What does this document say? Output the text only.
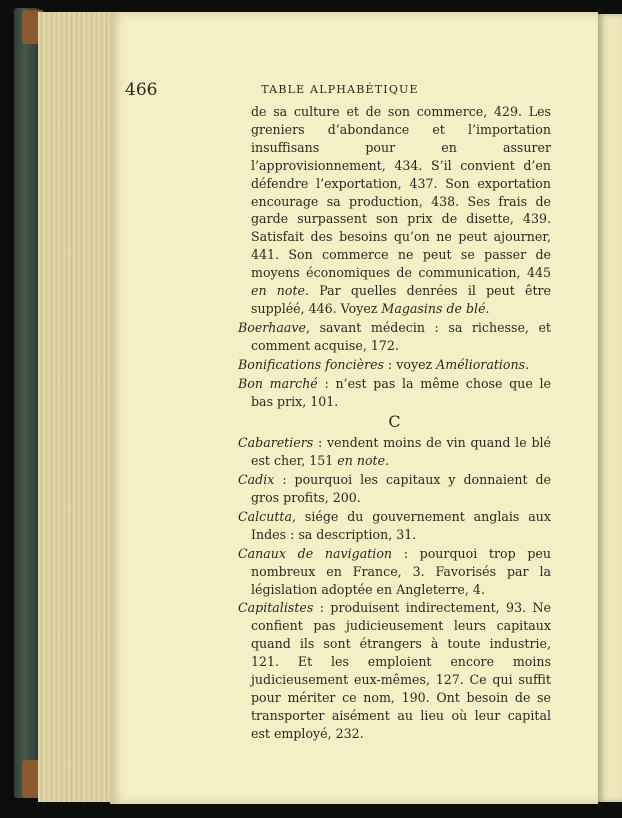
466	TABLE ALPHABÉTIQUE

de sa culture et de son commerce, 429. Les greniers d’abondance et l’importation insuffisans pour en assurer l’approvisionnement, 434. S’il convient d’en défendre l’exportation, 437. Son exportation encourage sa production, 438. Ses frais de garde surpassent son prix de disette, 439. Satisfait des besoins qu’on ne peut ajourner, 441. Son commerce ne peut se passer de moyens économiques de communication, 445 en note. Par quelles denrées il peut être suppléé, 446. Voyez Magasins de blé.

Boerhaave, savant médecin : sa richesse, et comment acquise, 172.

Bonifications foncières : voyez Améliorations.

Bon marché : n’est pas la même chose que le bas prix, 101.

C

Cabaretiers : vendent moins de vin quand le blé est cher, 151 en note.

Cadix : pourquoi les capitaux y donnaient de gros profits, 200.

Calcutta, siége du gouvernement anglais aux Indes : sa description, 31.

Canaux de navigation : pourquoi trop peu nombreux en France, 3. Favorisés par la législation adoptée en Angleterre, 4.

Capitalistes : produisent indirectement, 93. Ne confient pas judicieusement leurs capitaux quand ils sont étrangers à toute industrie, 121. Et les emploient encore moins judicieusement eux-mêmes, 127. Ce qui suffit pour mériter ce nom, 190. Ont besoin de se transporter aisément au lieu où leur capital est employé, 232.
